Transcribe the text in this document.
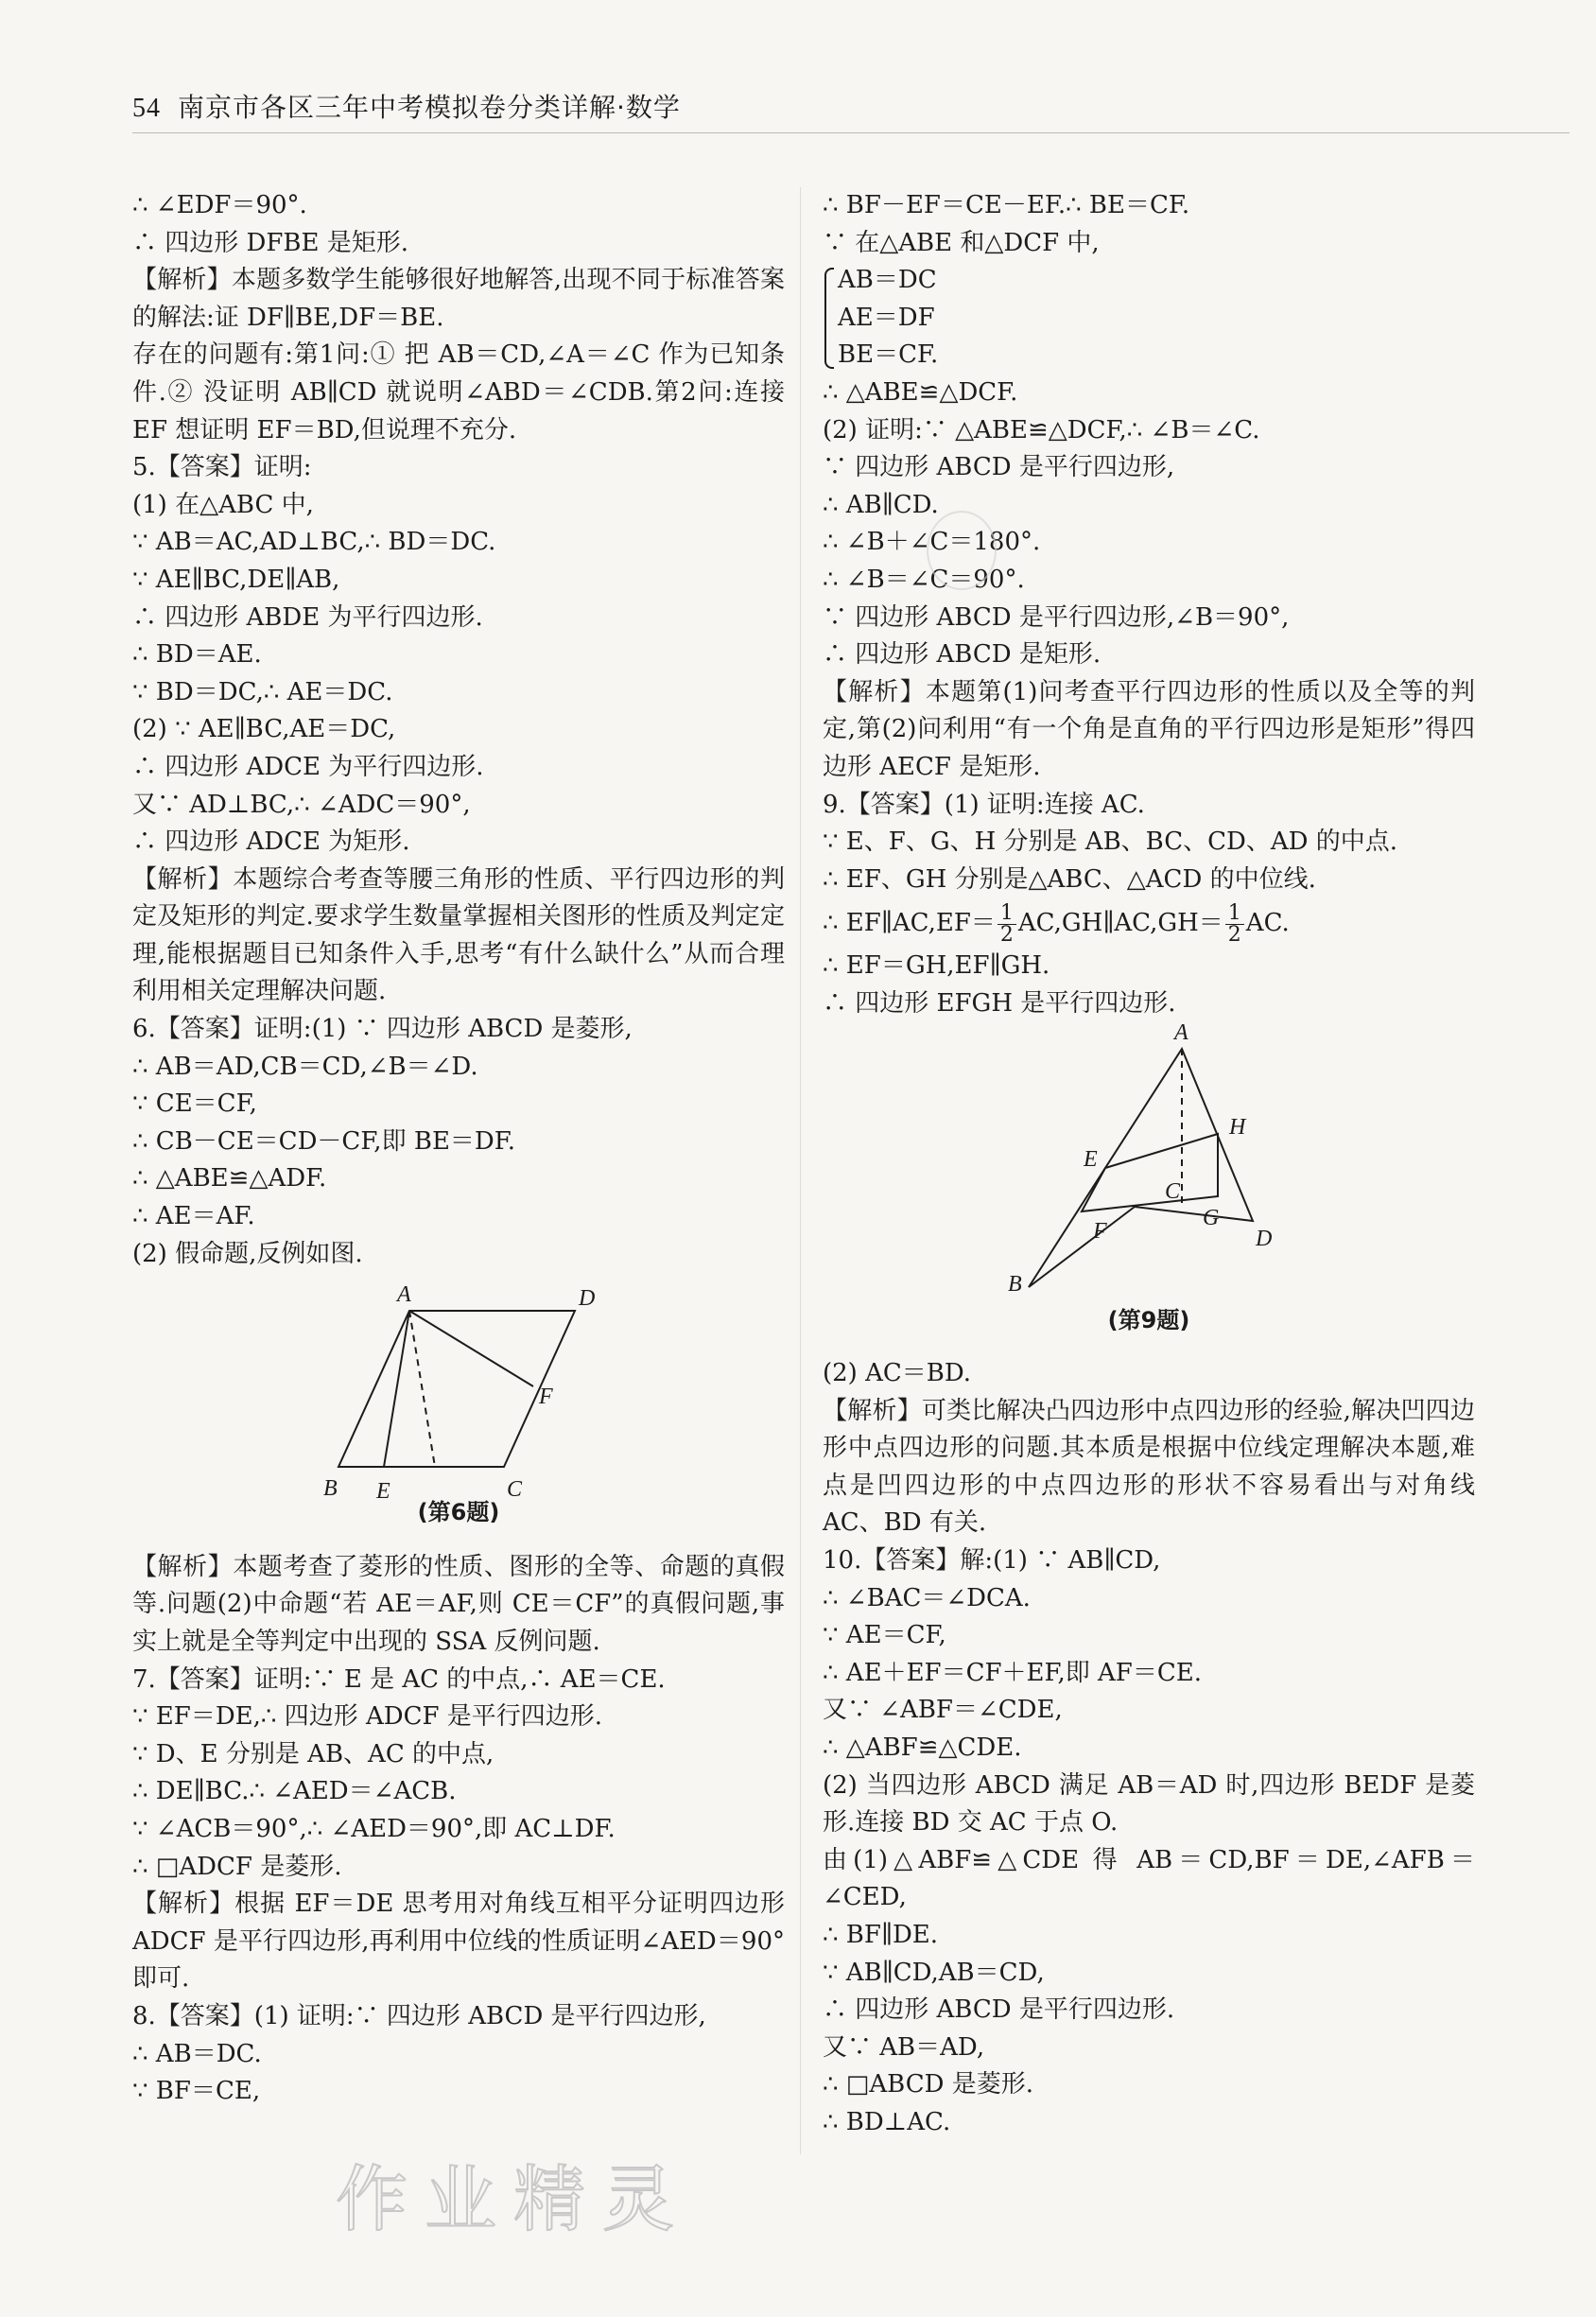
54 南京市各区三年中考模拟卷分类详解·数学
∴ ∠EDF＝90°.
∴ 四边形 DFBE 是矩形.
【解析】本题多数学生能够很好地解答,出现不同于标准答案的解法:证 DF∥BE,DF＝BE.
存在的问题有:第1问:① 把 AB＝CD,∠A＝∠C 作为已知条件.② 没证明 AB∥CD 就说明∠ABD＝∠CDB.第2问:连接 EF 想证明 EF＝BD,但说理不充分.
5.【答案】证明:
(1) 在△ABC 中,
∵ AB＝AC,AD⊥BC,∴ BD＝DC.
∵ AE∥BC,DE∥AB,
∴ 四边形 ABDE 为平行四边形.
∴ BD＝AE.
∵ BD＝DC,∴ AE＝DC.
(2) ∵ AE∥BC,AE＝DC,
∴ 四边形 ADCE 为平行四边形.
又∵ AD⊥BC,∴ ∠ADC＝90°,
∴ 四边形 ADCE 为矩形.
【解析】本题综合考查等腰三角形的性质、平行四边形的判定及矩形的判定.要求学生数量掌握相关图形的性质及判定定理,能根据题目已知条件入手,思考“有什么缺什么”从而合理利用相关定理解决问题.
6.【答案】证明:(1) ∵ 四边形 ABCD 是菱形,
∴ AB＝AD,CB＝CD,∠B＝∠D.
∵ CE＝CF,
∴ CB－CE＝CD－CF,即 BE＝DF.
∴ △ABE≌△ADF.
∴ AE＝AF.
(2) 假命题,反例如图.
A	D
B E	C
F
(第6题)
【解析】本题考查了菱形的性质、图形的全等、命题的真假等.问题(2)中命题“若 AE＝AF,则 CE＝CF”的真假问题,事实上就是全等判定中出现的 SSA 反例问题.
7.【答案】证明:∵ E 是 AC 的中点,∴ AE＝CE.
∵ EF＝DE,∴ 四边形 ADCF 是平行四边形.
∵ D、E 分别是 AB、AC 的中点,
∴ DE∥BC.∴ ∠AED＝∠ACB.
∵ ∠ACB＝90°,∴ ∠AED＝90°,即 AC⊥DF.
∴ □ADCF 是菱形.
【解析】根据 EF＝DE 思考用对角线互相平分证明四边形 ADCF 是平行四边形,再利用中位线的性质证明∠AED＝90°即可.
8.【答案】(1) 证明:∵ 四边形 ABCD 是平行四边形,
∴ AB＝DC.
∵ BF＝CE,
∴ BF－EF＝CE－EF.∴ BE＝CF.
∵ 在△ABE 和△DCF 中,
AB＝DC
AE＝DF
BE＝CF.
∴ △ABE≌△DCF.
(2) 证明:∵ △ABE≌△DCF,∴ ∠B＝∠C.
∵ 四边形 ABCD 是平行四边形,
∴ AB∥CD.
∴ ∠B＋∠C＝180°.
∴ ∠B＝∠C＝90°.
∵ 四边形 ABCD 是平行四边形,∠B＝90°,
∴ 四边形 ABCD 是矩形.
【解析】本题第(1)问考查平行四边形的性质以及全等的判定,第(2)问利用“有一个角是直角的平行四边形是矩形”得四边形 AECF 是矩形.
9.【答案】(1) 证明:连接 AC.
∵ E、F、G、H 分别是 AB、BC、CD、AD 的中点.
∴ EF、GH 分别是△ABC、△ACD 的中位线.
∴ EF∥AC,EF＝ $\frac{1}{2}$ AC,GH∥AC,GH＝ $\frac{1}{2}$ AC.
∴ EF＝GH,EF∥GH.
∴ 四边形 EFGH 是平行四边形.
A
E
H
C
G
F	D
B
(第9题)
(2) AC＝BD.
【解析】可类比解决凸四边形中点四边形的经验,解决凹四边形中点四边形的问题.其本质是根据中位线定理解决本题,难点是凹四边形的中点四边形的形状不容易看出与对角线 AC、BD 有关.
10.【答案】解:(1) ∵ AB∥CD,
∴ ∠BAC＝∠DCA.
∵ AE＝CF,
∴ AE＋EF＝CF＋EF,即 AF＝CE.
又∵ ∠ABF＝∠CDE,
∴ △ABF≌△CDE.
(2) 当四边形 ABCD 满足 AB＝AD 时,四边形 BEDF 是菱形.连接 BD 交 AC 于点 O.
由(1)△ABF≌△CDE 得 AB＝CD,BF＝DE,∠AFB＝∠CED,
∴ BF∥DE.
∵ AB∥CD,AB＝CD,
∴ 四边形 ABCD 是平行四边形.
又∵ AB＝AD,
∴ □ABCD 是菱形.
∴ BD⊥AC.
作业精灵
